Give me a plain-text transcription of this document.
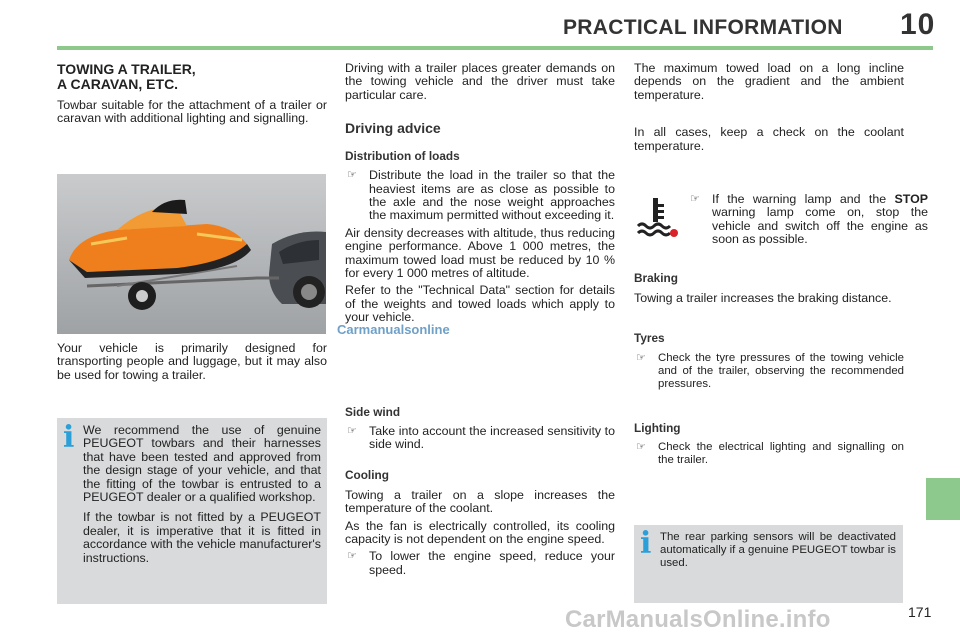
PRACTICAL INFORMATION 10
TOWING A TRAILER,
A CARAVAN, ETC.

Towbar suitable for the attachment of a trailer or caravan with additional lighting and signalling.

Carmanualsonline

Your vehicle is primarily designed for transporting people and luggage, but it may also be used for towing a trailer.

i We recommend the use of genuine PEUGEOT towbars and their harnesses that have been tested and approved from the design stage of your vehicle, and that the fitting of the towbar is entrusted to a PEUGEOT dealer or a qualified workshop.

If the towbar is not fitted by a PEUGEOT dealer, it is imperative that it is fitted in accordance with the vehicle manufacturer's instructions.

Driving with a trailer places greater demands on the towing vehicle and the driver must take particular care.

Driving advice
Distribution of loads
☞ Distribute the load in the trailer so that the heaviest items are as close as possible to the axle and the nose weight approaches the maximum permitted without exceeding it.

Air density decreases with altitude, thus reducing engine performance. Above 1 000 metres, the maximum towed load must be reduced by 10 % for every 1 000 metres of altitude.

Refer to the "Technical Data" section for details of the weights and towed loads which apply to your vehicle.

Side wind
☞ Take into account the increased sensitivity to side wind.
Cooling

Towing a trailer on a slope increases the temperature of the coolant.

As the fan is electrically controlled, its cooling capacity is not dependent on the engine speed.

☞ To lower the engine speed, reduce your speed.

The maximum towed load on a long incline depends on the gradient and the ambient temperature.

In all cases, keep a check on the coolant temperature.

☞ If the warning lamp and the STOP warning lamp come on, stop the vehicle and switch off the engine as soon as possible.
Braking

Towing a trailer increases the braking distance.

Tyres
☞ Check the tyre pressures of the towing vehicle and of the trailer, observing the recommended pressures.
Lighting
☞ Check the electrical lighting and signalling on the trailer.
i The rear parking sensors will be deactivated automatically if a genuine PEUGEOT towbar is used.

171
CarManualsOnline.info
